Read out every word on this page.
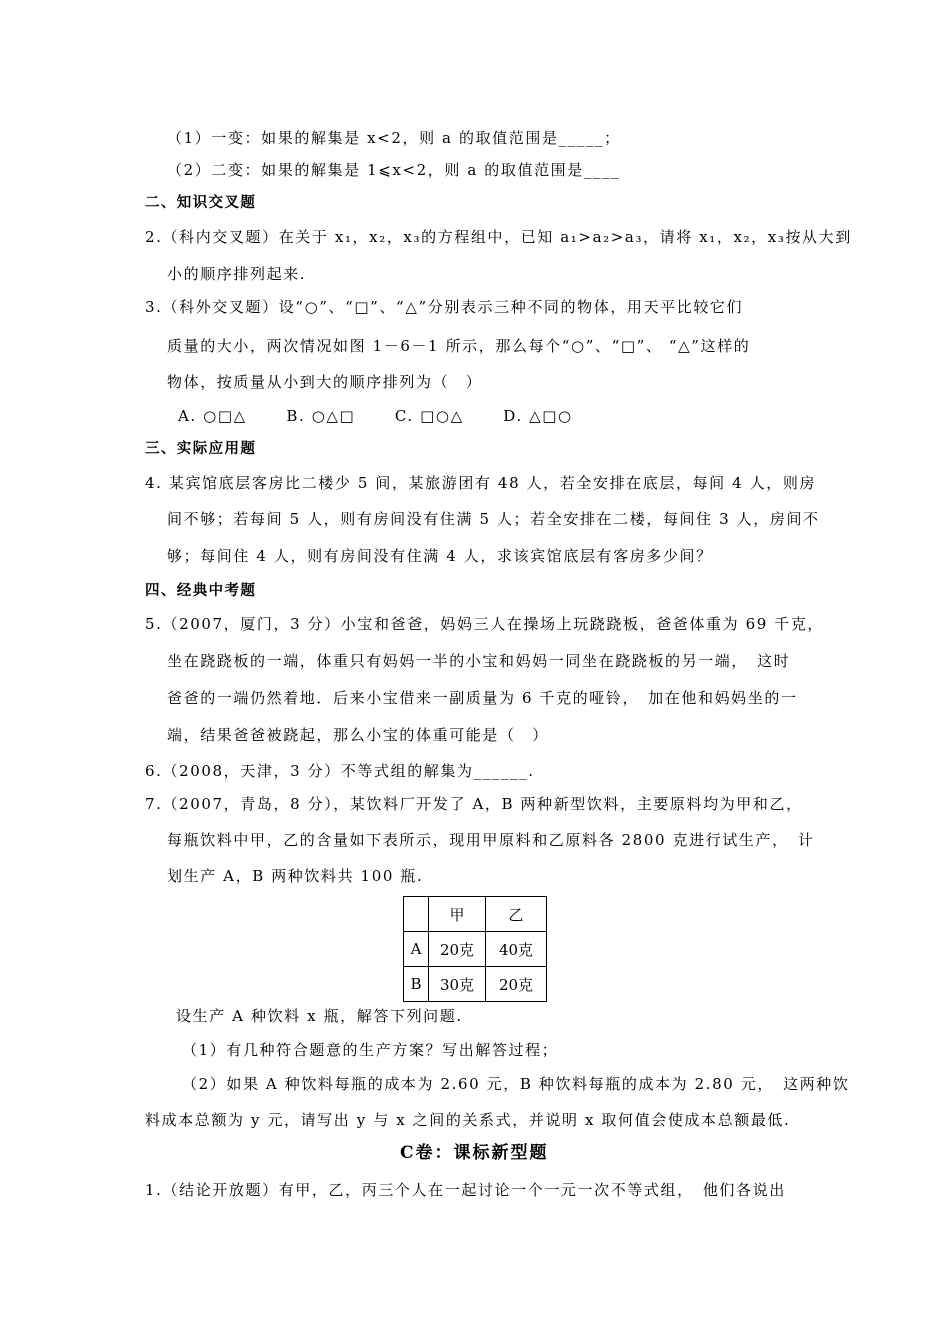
（1）一变：如果的解集是 x<2，则 a 的取值范围是_____；
（2）二变：如果的解集是 1⩽x<2，则 a 的取值范围是____
二、知识交叉题
2.（科内交叉题）在关于 x₁，x₂，x₃的方程组中，已知 a₁>a₂>a₃，请将 x₁，x₂，x₃按从大到
小的顺序排列起来.
3.（科外交叉题）设“○”、“□”、“△”分别表示三种不同的物体，用天平比较它们
质量的大小，两次情况如图 1－6－1 所示，那么每个“○”、“□”、 “△”这样的
物体，按质量从小到大的顺序排列为（　）
A. ○□△　　 B. ○△□　　 C. □○△　　 D. △□○
三、实际应用题
4. 某宾馆底层客房比二楼少 5 间，某旅游团有 48 人，若全安排在底层，每间 4 人，则房
间不够；若每间 5 人，则有房间没有住满 5 人；若全安排在二楼，每间住 3 人，房间不
够；每间住 4 人，则有房间没有住满 4 人，求该宾馆底层有客房多少间？
四、经典中考题
5.（2007，厦门，3 分）小宝和爸爸，妈妈三人在操场上玩跷跷板，爸爸体重为 69 千克，
坐在跷跷板的一端，体重只有妈妈一半的小宝和妈妈一同坐在跷跷板的另一端，　这时
爸爸的一端仍然着地．后来小宝借来一副质量为 6 千克的哑铃，　加在他和妈妈坐的一
端，结果爸爸被跷起，那么小宝的体重可能是（　）
6.（2008，天津，3 分）不等式组的解集为______.
7.（2007，青岛，8 分），某饮料厂开发了 A，B 两种新型饮料，主要原料均为甲和乙，
每瓶饮料中甲，乙的含量如下表所示，现用甲原料和乙原料各 2800 克进行试生产，　计
划生产 A，B 两种饮料共 100 瓶.
	甲	乙
A	20克	40克
B	30克	20克
设生产 A 种饮料 x 瓶，解答下列问题.
（1）有几种符合题意的生产方案？写出解答过程；
（2）如果 A 种饮料每瓶的成本为 2.60 元，B 种饮料每瓶的成本为 2.80 元，　这两种饮
料成本总额为 y 元，请写出 y 与 x 之间的关系式，并说明 x 取何值会使成本总额最低.
C卷：课标新型题
1.（结论开放题）有甲，乙，丙三个人在一起讨论一个一元一次不等式组，　他们各说出
